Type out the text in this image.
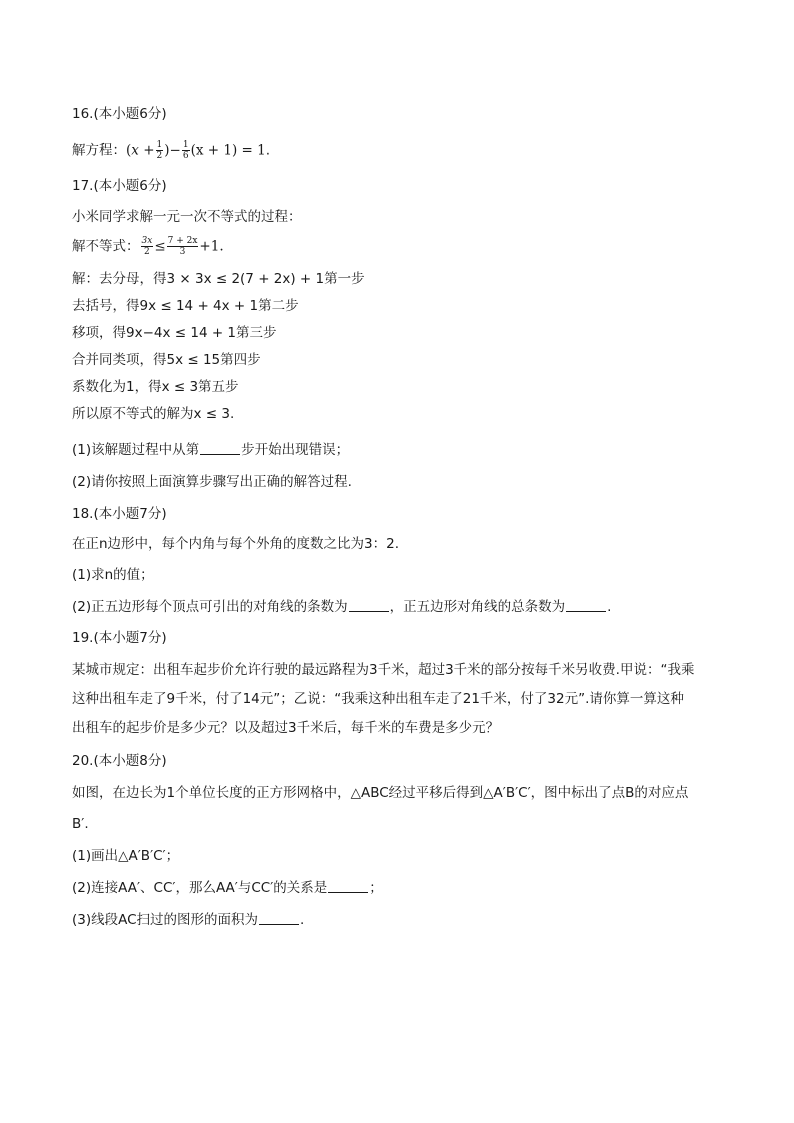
16.(本小题6分)
解方程：($x + \frac{1}{2}$ )− $\frac{1}{6} (x + 1) = 1$.
17.(本小题6分)
小米同学求解一元一次不等式的过程：
解不等式： $\frac{3x}{2} \le \frac{7 + 2x}{3} +1$.
解：去分母，得3 × 3x ≤ 2(7 + 2x) + 1第一步
去括号，得9x ≤ 14 + 4x + 1第二步
移项，得9x−4x ≤ 14 + 1第三步
合并同类项，得5x ≤ 15第四步
系数化为1，得x ≤ 3第五步
所以原不等式的解为x ≤ 3.
(1)该解题过程中从第	步开始出现错误；
(2)请你按照上面演算步骤写出正确的解答过程.
18.(本小题7分)
在正n边形中，每个内角与每个外角的度数之比为3：2.
(1)求n的值；
(2)正五边形每个顶点可引出的对角线的条数为	，正五边形对角线的总条数为	.
19.(本小题7分)
某城市规定：出租车起步价允许行驶的最远路程为3千米，超过3千米的部分按每千米另收费.甲说：“我乘
这种出租车走了9千米，付了14元”；乙说：“我乘这种出租车走了21千米，付了32元”.请你算一算这种
出租车的起步价是多少元？以及超过3千米后，每千米的车费是多少元？
20.(本小题8分)
如图，在边长为1个单位长度的正方形网格中，△ABC经过平移后得到△A′B′C′，图中标出了点B的对应点
B′.
(1)画出△A′B′C′；
(2)连接AA′、CC′，那么AA′与CC′的关系是	；
(3)线段AC扫过的图形的面积为	.
